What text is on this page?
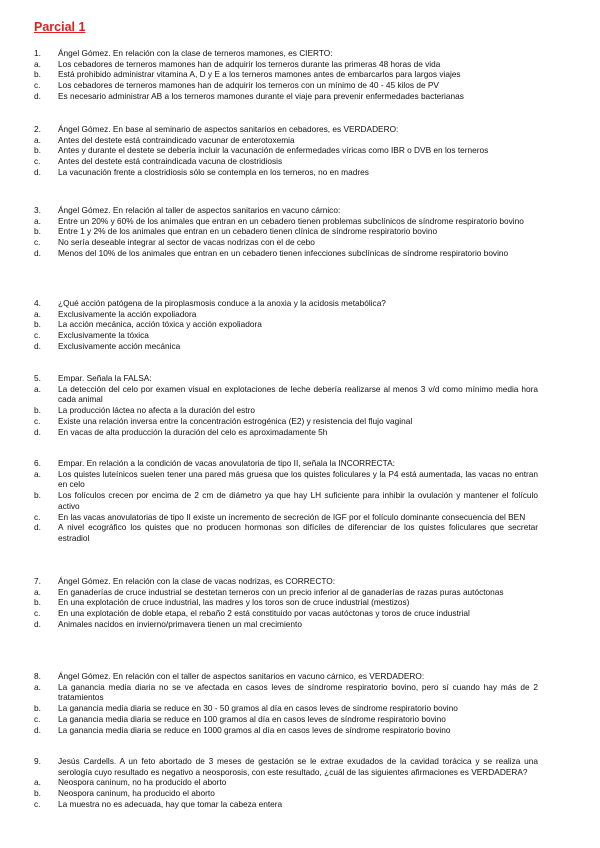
Parcial 1
1.	Ángel Gómez. En relación con la clase de terneros mamones, es CIERTO:
a.	Los cebadores de terneros mamones han de adquirir los terneros durante las primeras 48 horas de vida
b.	Está prohibido administrar vitamina A, D y E a los terneros mamones antes de embarcarlos para largos viajes
c.	Los cebadores de terneros mamones han de adquirir los terneros con un mínimo de 40 - 45 kilos de PV
d.	Es necesario administrar AB a los terneros mamones durante el viaje para prevenir enfermedades bacterianas
2.	Ángel Gómez. En base al seminario de aspectos sanitarios en cebadores, es VERDADERO:
a.	Antes del destete está contraindicado vacunar de enterotoxemia
b.	Antes y durante el destete se debería incluir la vacunación de enfermedades víricas como IBR o DVB en los terneros
c.	Antes del destete está contraindicada vacuna de clostridiosis
d.	La vacunación frente a clostridiosis sólo se contempla en los terneros, no en madres
3.	Ángel Gómez. En relación al taller de aspectos sanitarios en vacuno cárnico:
a.	Entre un 20% y 60% de los animales que entran en un cebadero tienen problemas subclínicos de síndrome respiratorio bovino
b.	Entre 1 y 2% de los animales que entran en un cebadero tienen clínica de síndrome respiratorio bovino
c.	No sería deseable integrar al sector de vacas nodrizas con el de cebo
d.	Menos del 10% de los animales que entran en un cebadero tienen infecciones subclínicas de síndrome respiratorio bovino
4.	¿Qué acción patógena de la piroplasmosis conduce a la anoxia y la acidosis metabólica?
a.	Exclusivamente la acción expoliadora
b.	La acción mecánica, acción tóxica y acción expoliadora
c.	Exclusivamente la tóxica
d.	Exclusivamente acción mecánica
5.	Empar. Señala la FALSA:
a.	La detección del celo por examen visual en explotaciones de leche debería realizarse al menos 3 v/d como mínimo media hora cada animal
b.	La producción láctea no afecta a la duración del estro
c.	Existe una relación inversa entre la concentración estrogénica (E2) y resistencia del flujo vaginal
d.	En vacas de alta producción la duración del celo es aproximadamente 5h
6.	Empar. En relación a la condición de vacas anovulatoria de tipo II, señala la INCORRECTA:
a.	Los quistes luteínicos suelen tener una pared más gruesa que los quistes foliculares y la P4 está aumentada, las vacas no entran en celo
b.	Los folículos crecen por encima de 2 cm de diámetro ya que hay LH suficiente para inhibir la ovulación y mantener el folículo activo
c.	En las vacas anovulatorias de tipo II existe un incremento de secreción de IGF por el folículo dominante consecuencia del BEN
d.	A nivel ecográfico los quistes que no producen hormonas son difíciles de diferenciar de los quistes foliculares que secretar estradiol
7.	Ángel Gómez. En relación con la clase de vacas nodrizas, es CORRECTO:
a.	En ganaderías de cruce industrial se destetan terneros con un precio inferior al de ganaderías de razas puras autóctonas
b.	En una explotación de cruce industrial, las madres y los toros son de cruce industrial (mestizos)
c.	En una explotación de doble etapa, el rebaño 2 está constituido por vacas autóctonas y toros de cruce industrial
d.	Animales nacidos en invierno/primavera tienen un mal crecimiento
8.	Ángel Gómez. En relación con el taller de aspectos sanitarios en vacuno cárnico, es VERDADERO:
a.	La ganancia media diaria no se ve afectada en casos leves de síndrome respiratorio bovino, pero sí cuando hay más de 2 tratamientos
b.	La ganancia media diaria se reduce en 30 - 50 gramos al día en casos leves de síndrome respiratorio bovino
c.	La ganancia media diaria se reduce en 100 gramos al día en casos leves de síndrome respiratorio bovino
d.	La ganancia media diaria se reduce en 1000 gramos al día en casos leves de síndrome respiratorio bovino
9.	Jesús Cardells. A un feto abortado de 3 meses de gestación se le extrae exudados de la cavidad torácica y se realiza una serología cuyo resultado es negativo a neosporosis, con este resultado, ¿cuál de las siguientes afirmaciones es VERDADERA?
a.	Neospora caninum, no ha producido el aborto
b.	Neospora caninum, ha producido el aborto
c.	La muestra no es adecuada, hay que tomar la cabeza entera
